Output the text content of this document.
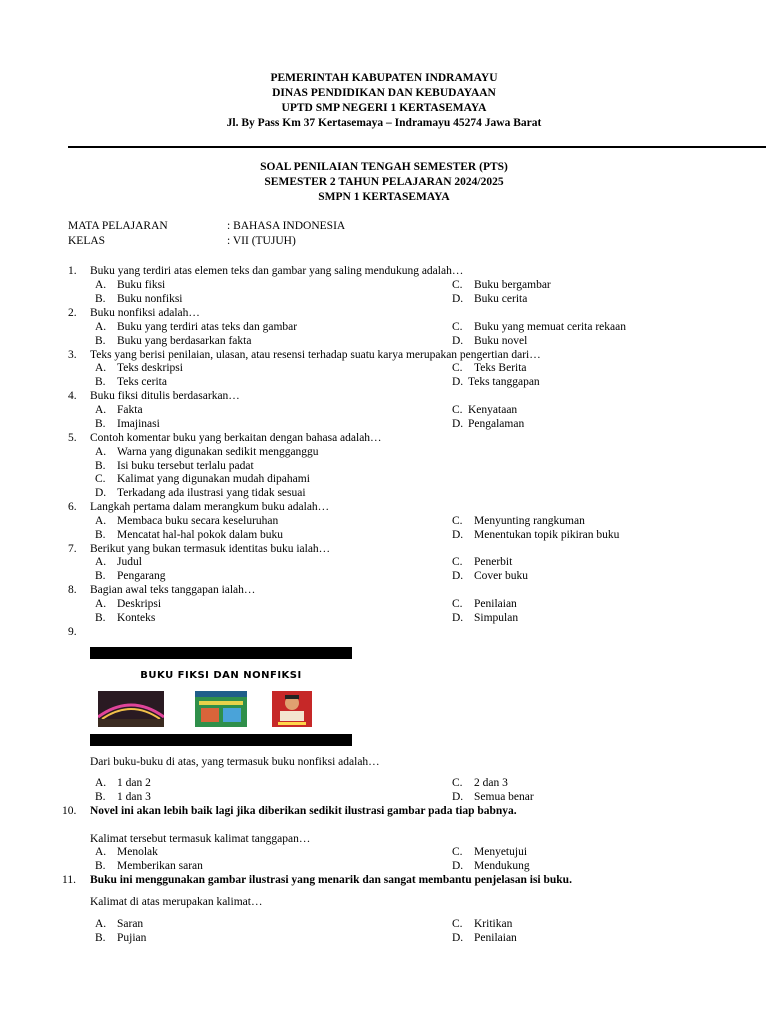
PEMERINTAH KABUPATEN INDRAMAYU
DINAS PENDIDIKAN DAN KEBUDAYAAN
UPTD SMP NEGERI 1 KERTASEMAYA
Jl. By Pass Km 37 Kertasemaya – Indramayu 45274 Jawa Barat
SOAL PENILAIAN TENGAH SEMESTER (PTS)
SEMESTER 2 TAHUN PELAJARAN 2024/2025
SMPN 1 KERTASEMAYA
MATA PELAJARAN	: BAHASA INDONESIA
KELAS	: VII (TUJUH)
1.	Buku yang terdiri atas elemen teks dan gambar yang saling mendukung adalah…
A. Buku fiksi	C. Buku bergambar
B. Buku nonfiksi	D. Buku cerita
2.	Buku nonfiksi adalah…
A. Buku yang terdiri atas teks dan gambar	C. Buku yang memuat cerita rekaan
B. Buku yang berdasarkan fakta	D. Buku novel
3.	Teks yang berisi penilaian, ulasan, atau resensi terhadap suatu karya merupakan pengertian dari…
A. Teks deskripsi	C. Teks Berita
B. Teks cerita	D. Teks tanggapan
4.	Buku fiksi ditulis berdasarkan…
A. Fakta	C. Kenyataan
B. Imajinasi	D. Pengalaman
5.	Contoh komentar buku yang berkaitan dengan bahasa adalah…
A. Warna yang digunakan sedikit mengganggu
B. Isi buku tersebut terlalu padat
C. Kalimat yang digunakan mudah dipahami
D. Terkadang ada ilustrasi yang tidak sesuai
6.	Langkah pertama dalam merangkum buku adalah…
A. Membaca buku secara keseluruhan	C. Menyunting rangkuman
B. Mencatat hal-hal pokok dalam buku	D. Menentukan topik pikiran buku
7.	Berikut yang bukan termasuk identitas buku ialah…
A. Judul	C. Penerbit
B. Pengarang	D. Cover buku
8.	Bagian awal teks tanggapan ialah…
A. Deskripsi	C. Penilaian
B. Konteks	D. Simpulan
9.
BUKU FIKSI DAN NONFIKSI
Dari buku-buku di atas, yang termasuk buku nonfiksi adalah…
A. 1 dan 2	C. 2 dan 3
B. 1 dan 3	D. Semua benar
10.	Novel ini akan lebih baik lagi jika diberikan sedikit ilustrasi gambar pada tiap babnya.
Kalimat tersebut termasuk kalimat tanggapan…
A. Menolak	C. Menyetujui
B. Memberikan saran	D. Mendukung
11.	Buku ini menggunakan gambar ilustrasi yang menarik dan sangat membantu penjelasan isi buku.
Kalimat di atas merupakan kalimat…
A. Saran	C. Kritikan
B. Pujian	D. Penilaian
